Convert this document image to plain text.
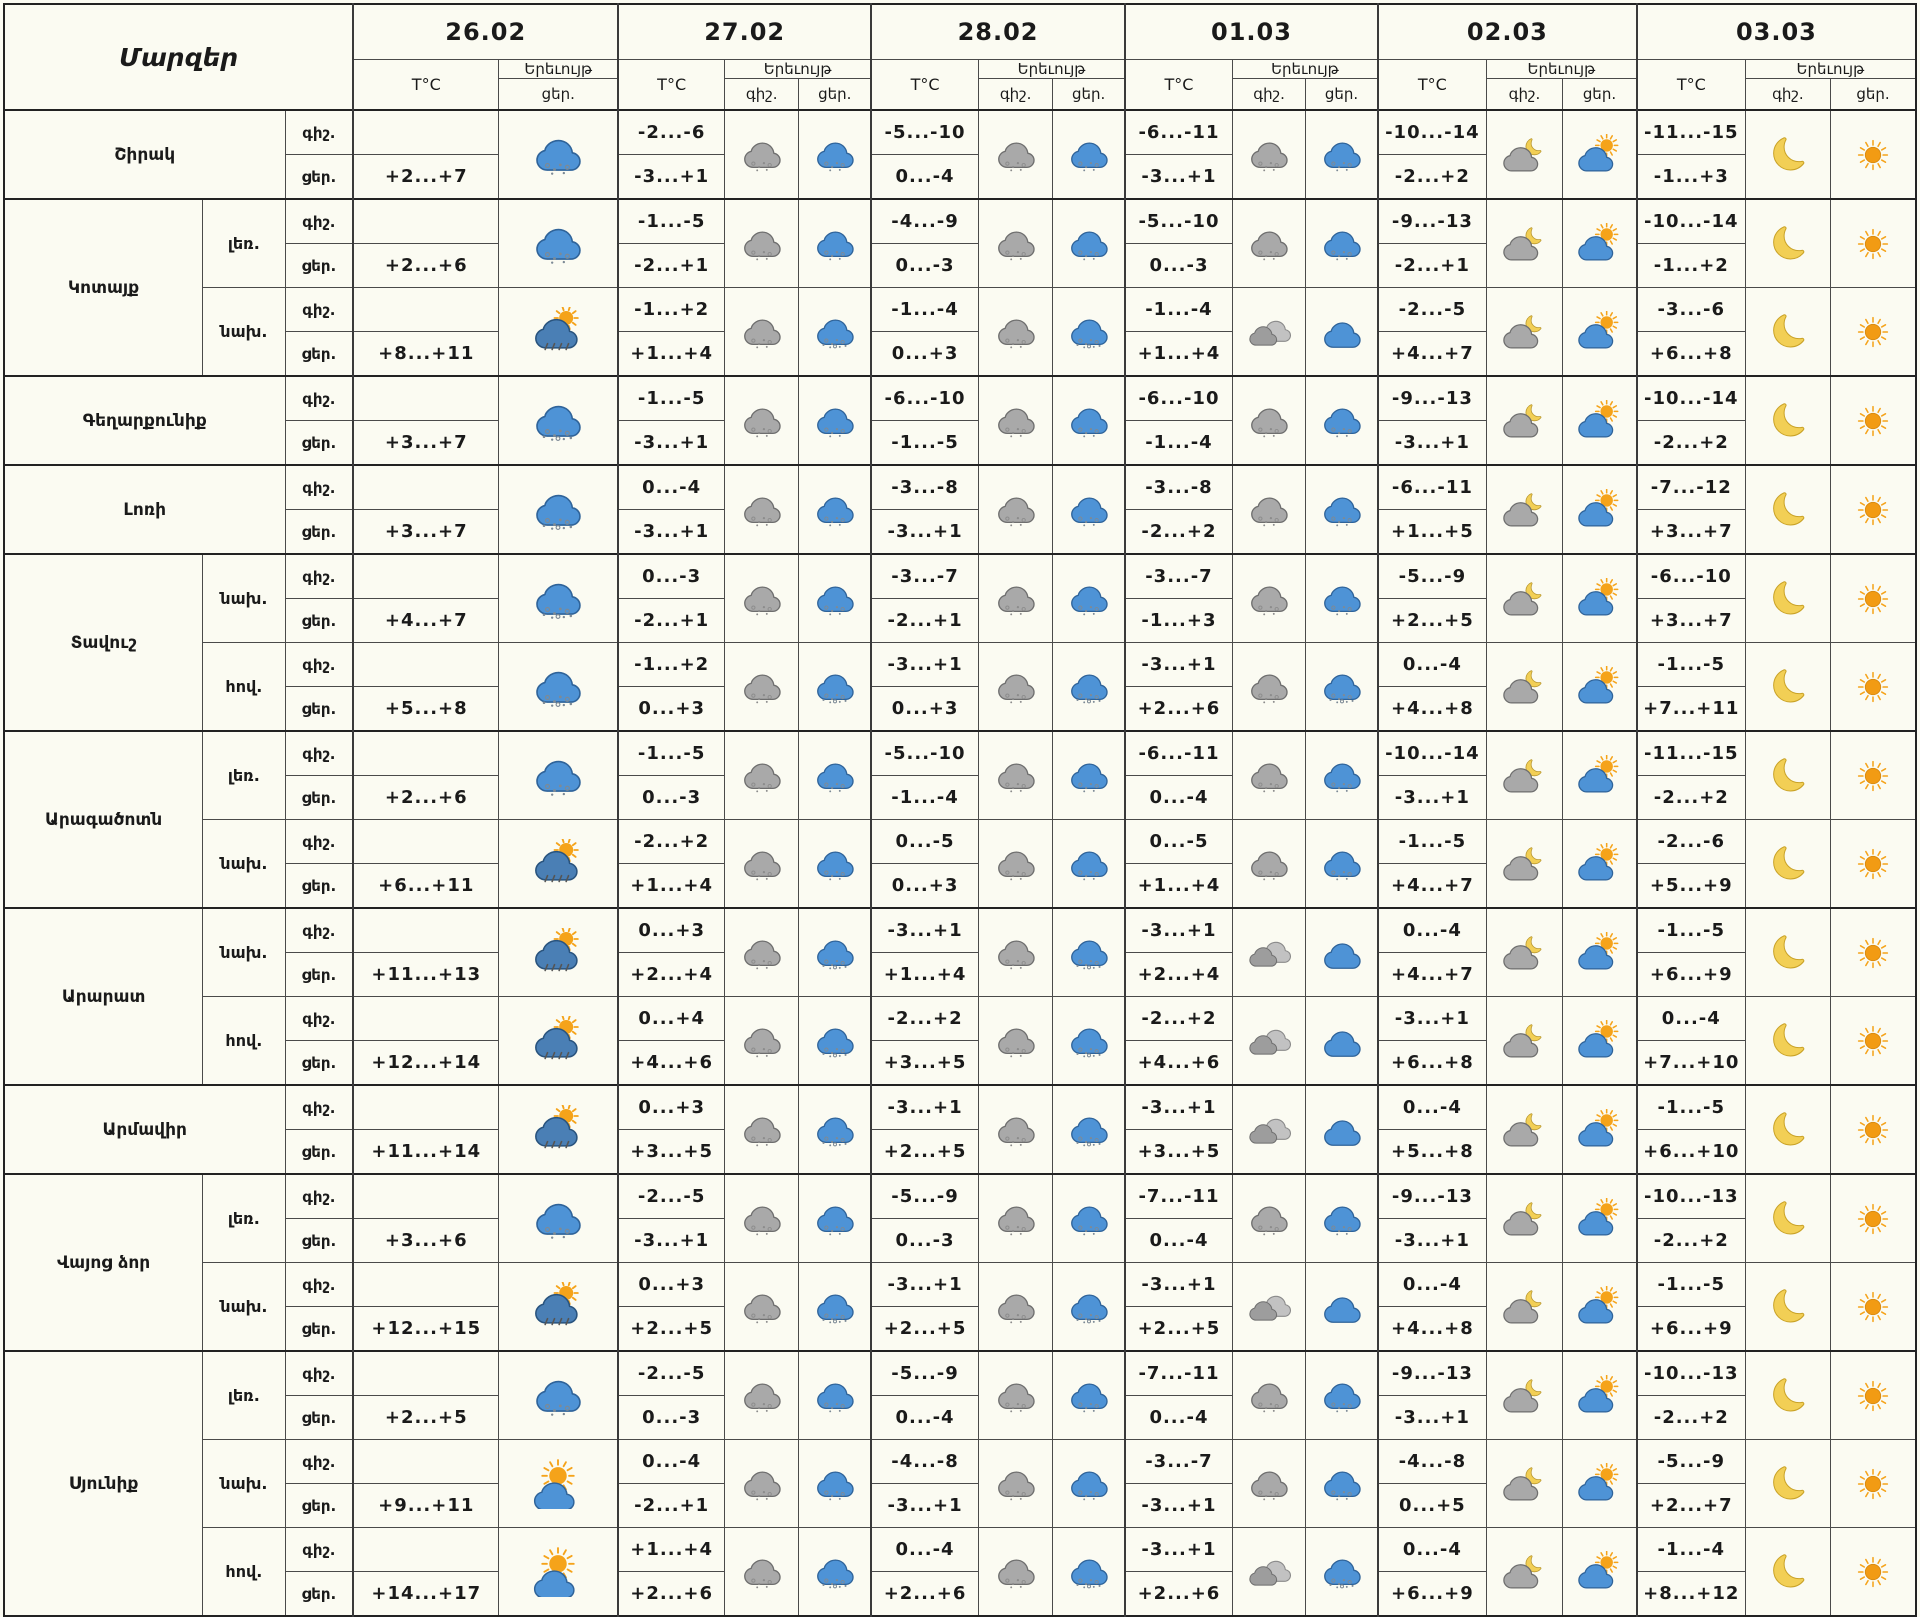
Մարզեր			26.02		27.02			28.02			01.03			02.03			03.03		
			T°C	Երեւույթ	T°C	Երեւույթ		T°C	Երեւույթ		T°C	Երեւույթ		T°C	Երեւույթ		T°C	Երեւույթ	
				ցեր.		գիշ.	ցեր.		գիշ.	ցեր.		գիշ.	ցեր.		գիշ.	ցեր.		գիշ.	ցեր.
Շիրակ		գիշ.			-2...-6			-5...-10			-6...-11			-10...-14			-11...-15	

		ցեր.	+2...+7		-3...+1			0...-4			-3...+1			-2...+2			-1...+3		
Կոտայք	լեռ.	գիշ.			-1...-5			-4...-9			-5...-10			-9...-13			-10...-14	

		ցեր.	+2...+6		-2...+1			0...-3			0...-3			-2...+1			-1...+2		
	նախ.	գիշ.			-1...+2			-1...-4			-1...-4			-2...-5			-3...-6	

		ցեր.	+8...+11		+1...+4			0...+3			+1...+4			+4...+7			+6...+8		
Գեղարքունիք		գիշ.			-1...-5			-6...-10			-6...-10			-9...-13			-10...-14	

		ցեր.	+3...+7		-3...+1			-1...-5			-1...-4			-3...+1			-2...+2		
Լոռի		գիշ.			0...-4			-3...-8			-3...-8			-6...-11			-7...-12	

		ցեր.	+3...+7		-3...+1			-3...+1			-2...+2			+1...+5			+3...+7		
Տավուշ	նախ.	գիշ.			0...-3			-3...-7			-3...-7			-5...-9			-6...-10	

		ցեր.	+4...+7		-2...+1			-2...+1			-1...+3			+2...+5			+3...+7		
	հով.	գիշ.			-1...+2			-3...+1			-3...+1			0...-4			-1...-5	

		ցեր.	+5...+8		0...+3			0...+3			+2...+6			+4...+8			+7...+11		
Արագածոտն	լեռ.	գիշ.			-1...-5			-5...-10			-6...-11			-10...-14			-11...-15	

		ցեր.	+2...+6		0...-3			-1...-4			0...-4			-3...+1			-2...+2		
	նախ.	գիշ.			-2...+2			0...-5			0...-5			-1...-5			-2...-6	

		ցեր.	+6...+11		+1...+4			0...+3			+1...+4			+4...+7			+5...+9		
Արարատ	նախ.	գիշ.			0...+3			-3...+1			-3...+1			0...-4			-1...-5	

		ցեր.	+11...+13		+2...+4			+1...+4			+2...+4			+4...+7			+6...+9		
	հով.	գիշ.			0...+4			-2...+2			-2...+2			-3...+1			0...-4	

		ցեր.	+12...+14		+4...+6			+3...+5			+4...+6			+6...+8			+7...+10		
Արմավիր		գիշ.			0...+3			-3...+1			-3...+1			0...-4			-1...-5	

		ցեր.	+11...+14		+3...+5			+2...+5			+3...+5			+5...+8			+6...+10		
Վայոց ձոր	լեռ.	գիշ.			-2...-5			-5...-9			-7...-11			-9...-13			-10...-13	

		ցեր.	+3...+6		-3...+1			0...-3			0...-4			-3...+1			-2...+2		
	նախ.	գիշ.			0...+3			-3...+1			-3...+1			0...-4			-1...-5	

		ցեր.	+12...+15		+2...+5			+2...+5			+2...+5			+4...+8			+6...+9		
Սյունիք	լեռ.	գիշ.			-2...-5			-5...-9			-7...-11			-9...-13			-10...-13	

		ցեր.	+2...+5		0...-3			0...-4			0...-4			-3...+1			-2...+2		
	նախ.	գիշ.			0...-4			-4...-8			-3...-7			-4...-8			-5...-9	

		ցեր.	+9...+11		-2...+1			-3...+1			-3...+1			0...+5			+2...+7		
	հով.	գիշ.			+1...+4			0...-4			-3...+1			0...-4			-1...-4	

		ցեր.	+14...+17		+2...+6			+2...+6			+2...+6			+6...+9			+8...+12		
